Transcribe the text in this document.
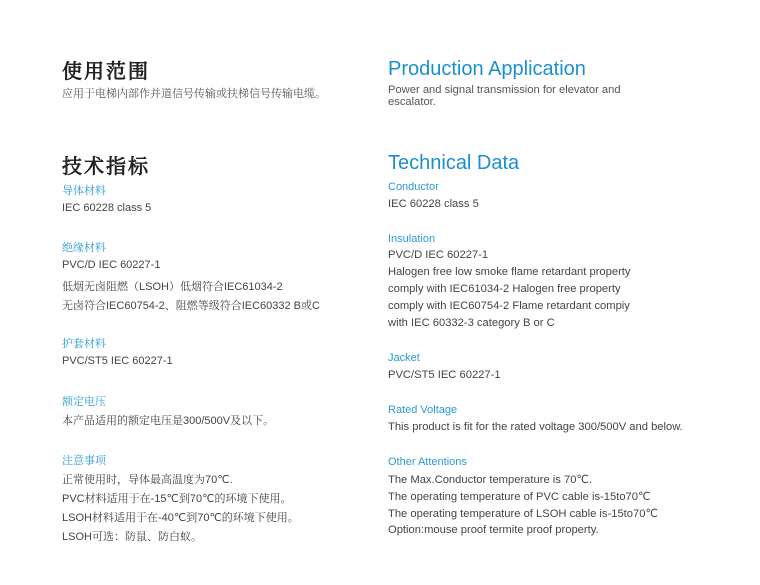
使用范围
应用于电梯内部作并道信号传输或扶梯信号传输电缆。
技术指标
导体材料
IEC 60228 class 5
绝缘材料
PVC/D IEC 60227-1
低烟无卤阻燃（LSOH）低烟符合IEC61034-2
无卤符合IEC60754-2、阻燃等级符合IEC60332 B或C
护套材料
PVC/ST5 IEC 60227-1
额定电压
本产品适用的额定电压是300/500V及以下。
注意事项
正常使用时，导体最高温度为70℃.
PVC材料适用于在-15℃到70℃的环境下使用。
LSOH材料适用于在-40℃到70℃的环境下使用。
LSOH可选：防鼠、防白蚁。
Production Application
Power and signal transmission for elevator and
escalator.
Technical Data
Conductor
IEC 60228 class 5
Insulation
PVC/D IEC 60227-1
Halogen free low smoke flame retardant property
comply with IEC61034-2 Halogen free property
comply with IEC60754-2 Flame retardant compiy
with IEC 60332-3 category B or C
Jacket
PVC/ST5 IEC 60227-1
Rated Voltage
This product is fit for the rated voltage 300/500V and below.
Other Attentions
The Max.Conductor temperature is 70℃.
The operating temperature of PVC cable is-15to70℃
The operating temperature of LSOH cable is-15to70℃
Option:mouse proof termite proof property.
